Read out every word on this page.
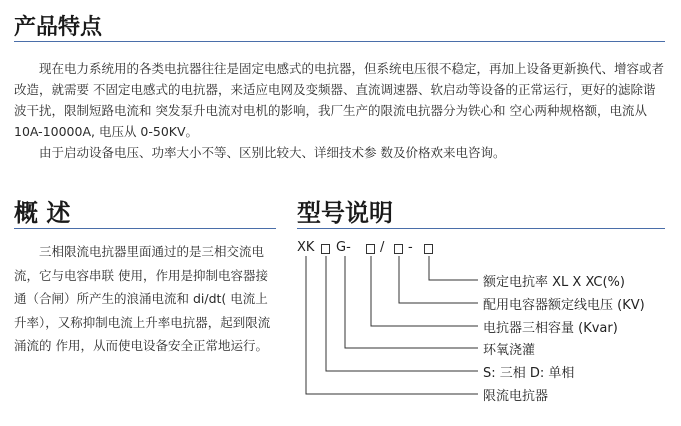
产品特点

现在电力系统用的各类电抗器往往是固定电感式的电抗器，但系统电压很不稳定，再加上设备更新换代、增容或者改造，就需要 不固定电感式的电抗器，来适应电网及变频器、直流调速器、软启动等设备的正常运行，更好的滤除谐波干扰，限制短路电流和 突发泵升电流对电机的影响，我厂生产的限流电抗器分为铁心和 空心两种规格额，电流从 10A-10000A, 电压从 0-50KV。

由于启动设备电压、功率大小不等、区别比较大、详细技术参 数及价格欢来电咨询。

概 述
三相限流电抗器里面通过的是三相交流电流，它与电容串联 使用，作用是抑制电容器接通（合闸）所产生的浪涌电流和 di/dt( 电流上升率），又称抑制电流上升率电抗器，起到限流涌流的 作用，从而使电设备安全正常地运行。
型号说明
XK G- / -
额定电抗率 XL X XC(%)
配用电容器额定线电压 (KV)
电抗器三相容量 (Kvar)
环氧浇灌
S: 三相 D: 单相
限流电抗器
